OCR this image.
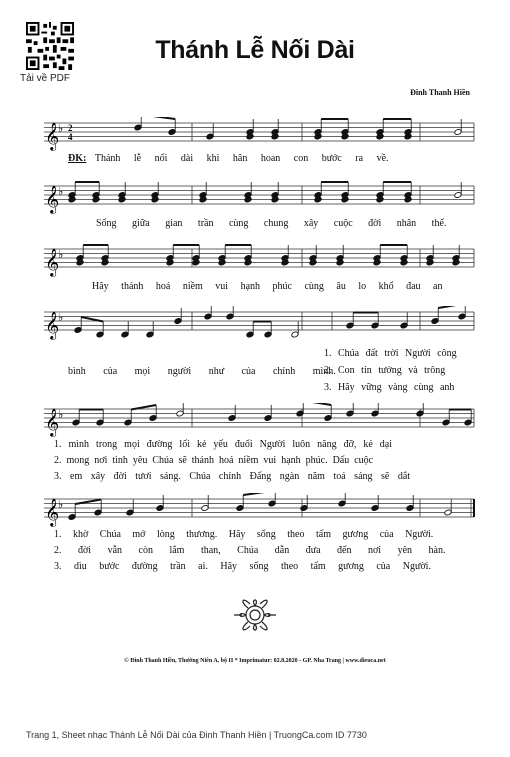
Tải về PDF
Thánh Lễ Nối Dài
Đinh Thanh Hiền
𝄞
♭ 2
4
ĐK: Thánh lễ nối dài khi hân hoan con bước ra về.
𝄞
♭
Sống giữa gian trần cùng chung xây cuộc đời nhân thế.
𝄞
♭
Hãy thánh hoá niềm vui hạnh phúc cùng âu lo khổ đau an
𝄞
♭
bình của mọi người như của chính mình.
1. Chúa đất trời Người công
2. Con tin tưởng và trông
3. Hãy vững vàng cùng anh
𝄞
♭
1. mình trong mọi đường lối kẻ yếu đuối Người luôn nâng đỡ, kẻ dại
2. mong nơi tình yêu Chúa sẽ thánh hoá niềm vui hạnh phúc. Dấu cuộc
3. em xây đời tươi sáng. Chúa chính Đấng ngàn năm toả sáng sẽ dắt
𝄞
♭
1. khờ Chúa mở lòng thương. Hãy sống theo tấm gương của Người.
2. đời vẫn còn lắm than, Chúa dẫn đưa đến nơi yên hàn.
3. dìu bước đường trần ai. Hãy sống theo tấm gương của Người.
© Đinh Thanh Hiền, Thường Niên A, bộ II * Imprimatur: 02.8.2020 - GP. Nha Trang | www.dieuca.net
Trang 1, Sheet nhạc Thánh Lễ Nối Dài của Đinh Thanh Hiền | TruongCa.com ID 7730
